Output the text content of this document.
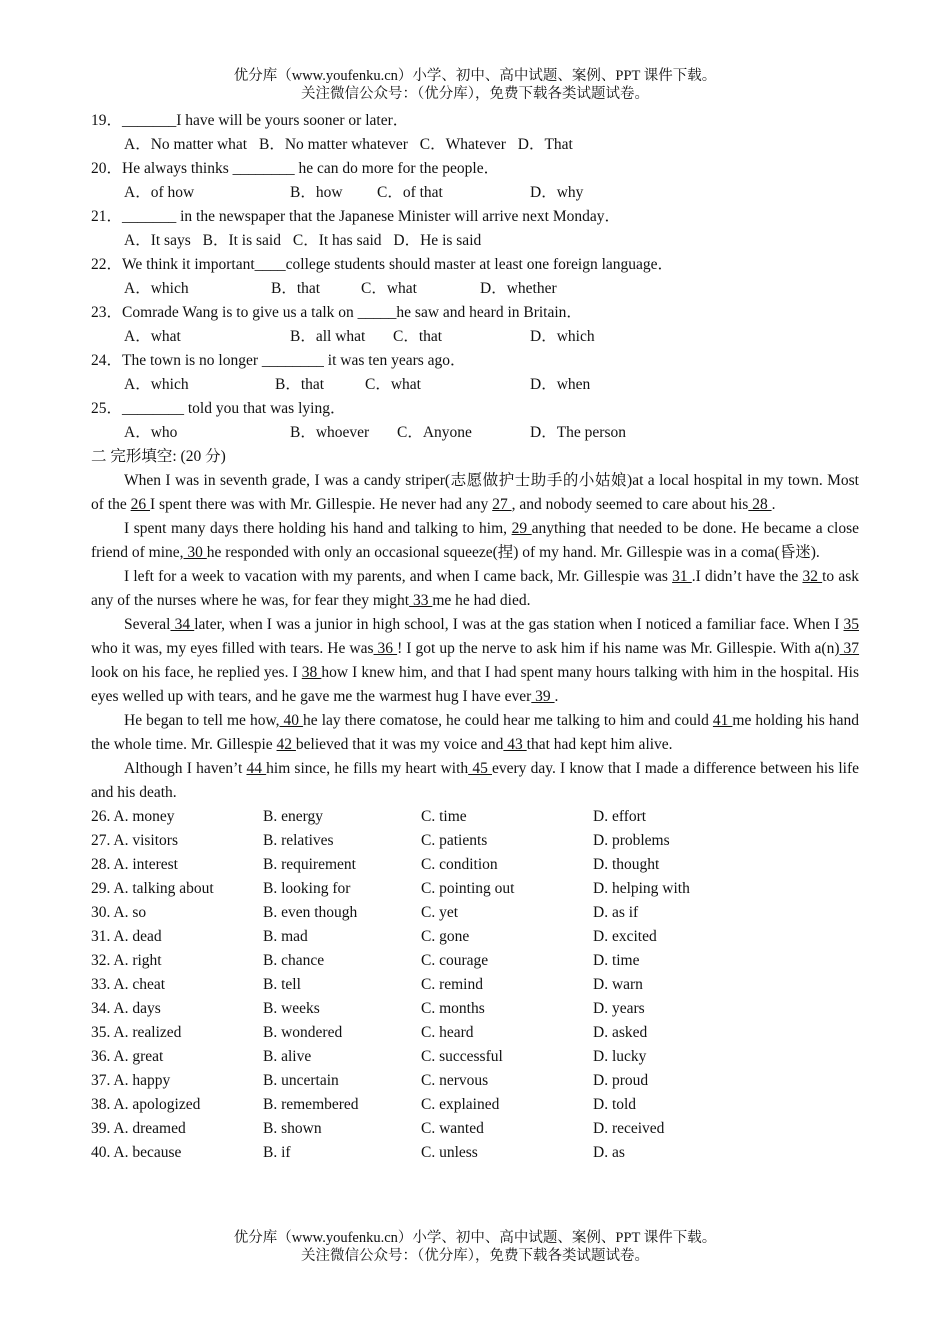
优分库（www.youfenku.cn）小学、初中、高中试题、案例、PPT 课件下载。
关注微信公众号：（优分库），免费下载各类试题试卷。
19．_______I have will be yours sooner or later．
A．No matter what B．No matter whatever C．Whatever D．That
20．He always thinks ________ he can do more for the people．
A．of how	B．how	C．of that	D．why
21．_______ in the newspaper that the Japanese Minister will arrive next Monday．
A．It says B．It is said C．It has said D．He is said
22．We think it important____college students should master at least one foreign language．
A．which	B．that	C．what	D．whether
23．Comrade Wang is to give us a talk on _____he saw and heard in Britain．
A．what	B．all what	C．that	D．which
24．The town is no longer ________ it was ten years ago．
A．which	B．that	C．what	D．when
25．________ told you that was lying．
A．who	B．whoever	C．Anyone	D．The person
二 完形填空: (20 分)

When I was in seventh grade, I was a candy striper(志愿做护士助手的小姑娘)at a local hospital in my town. Most of the 26 I spent there was with Mr. Gillespie. He never had any 27 , and nobody seemed to care about his 28 .

I spent many days there holding his hand and talking to him, 29 anything that needed to be done. He became a close friend of mine, 30 he responded with only an occasional squeeze(捏) of my hand. Mr. Gillespie was in a coma(昏迷).

I left for a week to vacation with my parents, and when I came back, Mr. Gillespie was 31 .I didn’t have the 32 to ask any of the nurses where he was, for fear they might 33 me he had died.

Several 34 later, when I was a junior in high school, I was at the gas station when I noticed a familiar face. When I 35 who it was, my eyes filled with tears. He was 36 ! I got up the nerve to ask him if his name was Mr. Gillespie. With a(n) 37 look on his face, he replied yes. I 38 how I knew him, and that I had spent many hours talking with him in the hospital. His eyes welled up with tears, and he gave me the warmest hug I have ever 39 .

He began to tell me how, 40 he lay there comatose, he could hear me talking to him and could 41 me holding his hand the whole time. Mr. Gillespie 42 believed that it was my voice and 43 that had kept him alive.

Although I haven’t 44 him since, he fills my heart with 45 every day. I know that I made a difference between his life and his death.

26. A. money	B. energy	C. time	D. effort
27. A. visitors	B. relatives	C. patients	D. problems
28. A. interest	B. requirement	C. condition	D. thought
29. A. talking about	B. looking for	C. pointing out	D. helping with
30. A. so	B. even though	C. yet	D. as if
31. A. dead	B. mad	C. gone	D. excited
32. A. right	B. chance	C. courage	D. time
33. A. cheat	B. tell	C. remind	D. warn
34. A. days	B. weeks	C. months	D. years
35. A. realized	B. wondered	C. heard	D. asked
36. A. great	B. alive	C. successful	D. lucky
37. A. happy	B. uncertain	C. nervous	D. proud
38. A. apologized	B. remembered	C. explained	D. told
39. A. dreamed	B. shown	C. wanted	D. received
40. A. because	B. if	C. unless	D. as
优分库（www.youfenku.cn）小学、初中、高中试题、案例、PPT 课件下载。
关注微信公众号：（优分库），免费下载各类试题试卷。
